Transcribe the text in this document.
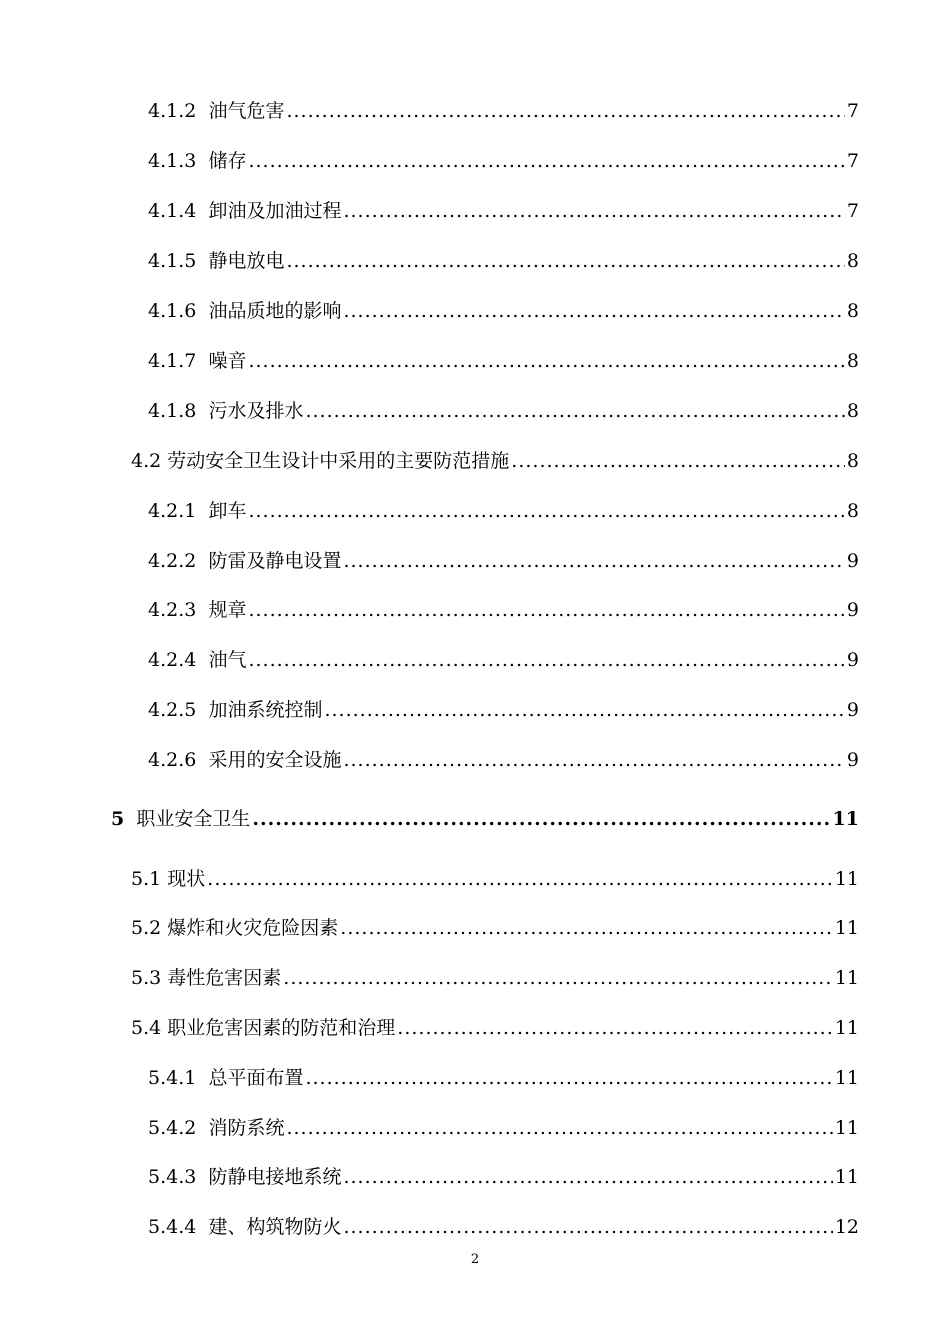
4.1.2 油气危害 .....	7
4.1.3 储存 .....	7
4.1.4 卸油及加油过程 .....	7
4.1.5 静电放电 .....	8
4.1.6 油品质地的影响 .....	8
4.1.7 噪音 .....	8
4.1.8 污水及排水 .....	8
4.2 劳动安全卫生设计中采用的主要防范措施 .....	8
4.2.1 卸车 .....	8
4.2.2 防雷及静电设置 .....	9
4.2.3 规章 .....	9
4.2.4 油气 .....	9
4.2.5 加油系统控制 .....	9
4.2.6 采用的安全设施 .....	9
5 职业安全卫生 .....	11
5.1 现状 .....	11
5.2 爆炸和火灾危险因素 .....	11
5.3 毒性危害因素 .....	11
5.4 职业危害因素的防范和治理 .....	11
5.4.1 总平面布置 .....	11
5.4.2 消防系统 .....	11
5.4.3 防静电接地系统 .....	11
5.4.4 建、构筑物防火 .....	12
2
